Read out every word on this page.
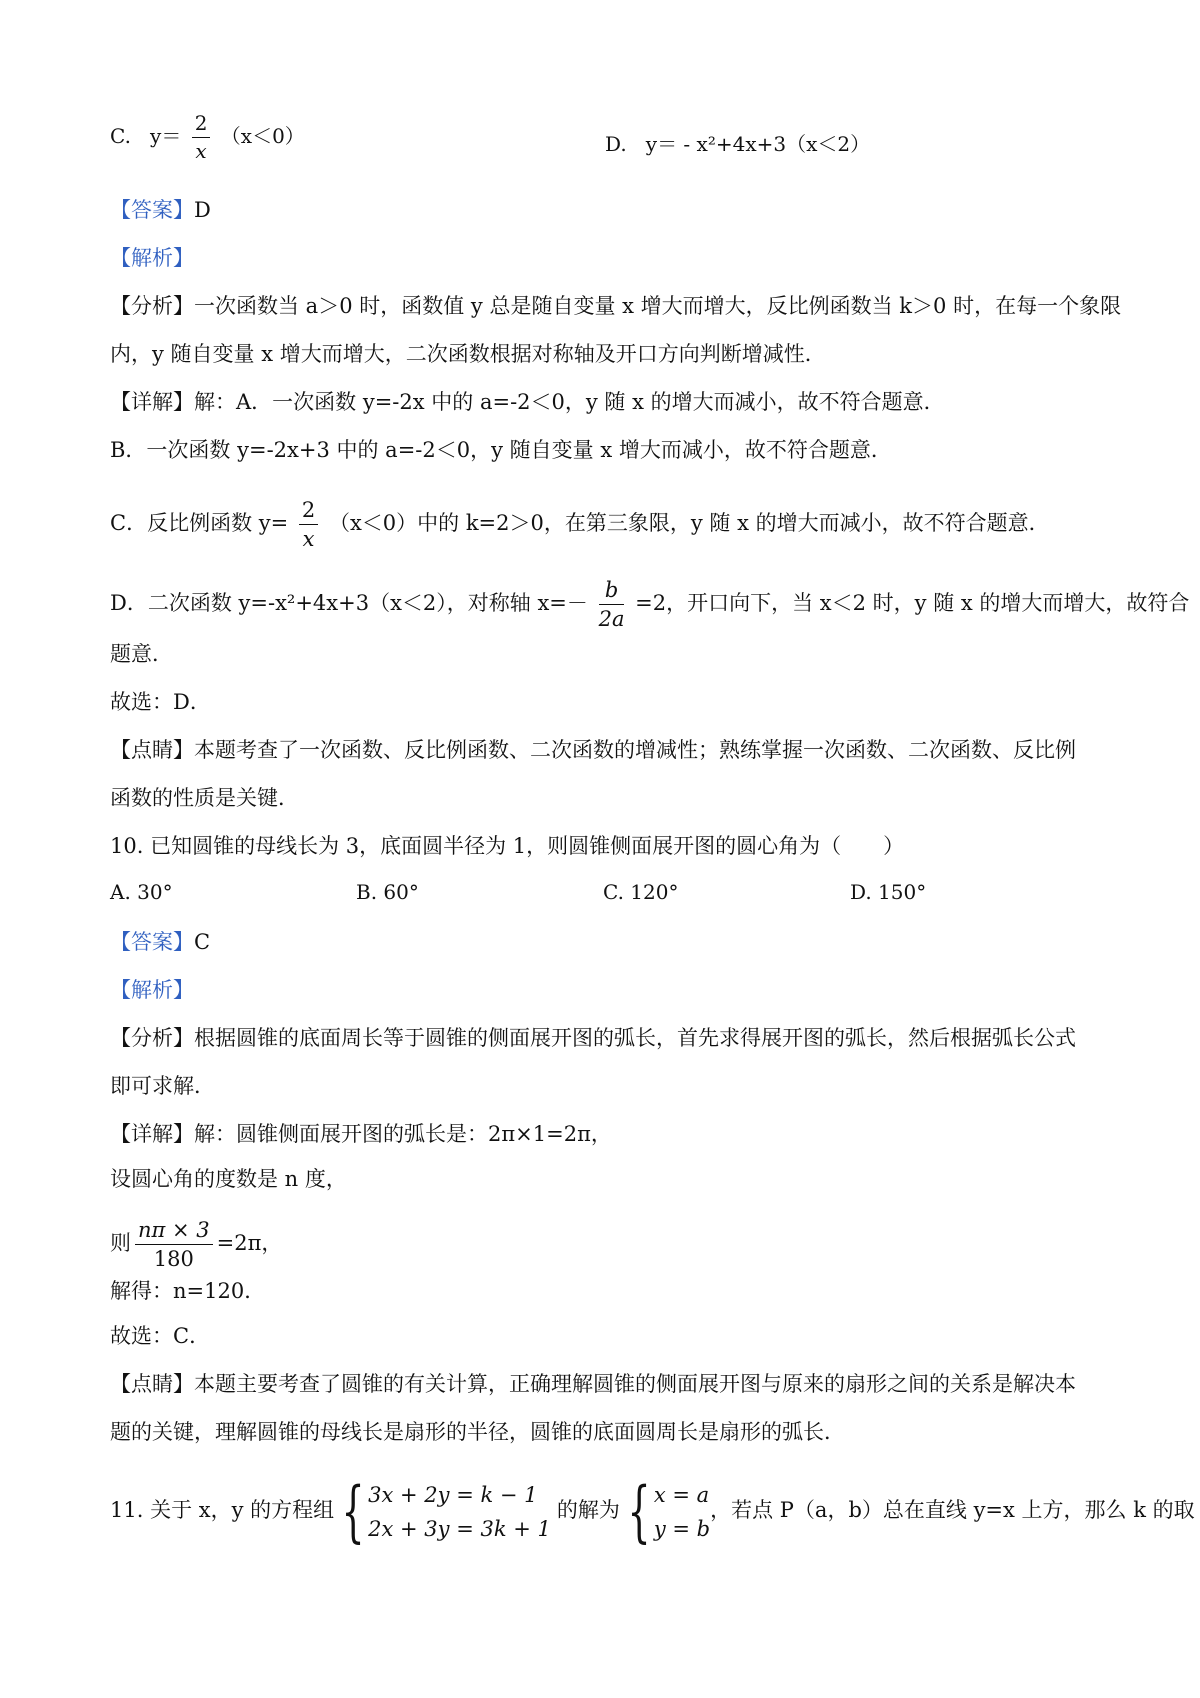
C. $y= \frac{2}{x} (x<0)$	D. y＝ - x²+4x+3（x＜2）
【答案】D
【解析】
【分析】一次函数当 a＞0 时，函数值 y 总是随自变量 x 增大而增大，反比例函数当 k＞0 时，在每一个象限
内，y 随自变量 x 增大而增大，二次函数根据对称轴及开口方向判断增减性．
【详解】解：A．一次函数 y=-2x 中的 a=-2＜0，y 随 x 的增大而减小，故不符合题意．
B．一次函数 y=-2x+3 中的 a=-2＜0，y 随自变量 x 增大而减小，故不符合题意．
C．反比例函数 $y= \frac{2}{x} (x<0)$中的 k=2＞0，在第三象限，y 随 x 的增大而减小，故不符合题意．
D．二次函数 y=-x²+4x+3（x＜2），对称轴 $x=- \frac{b}{2a} =2$，开口向下，当 x＜2 时，y 随 x 的增大而增大，故符合
题意．
故选：D．
【点睛】本题考查了一次函数、反比例函数、二次函数的增减性；熟练掌握一次函数、二次函数、反比例
函数的性质是关键．
10. 已知圆锥的母线长为 3，底面圆半径为 1，则圆锥侧面展开图的圆心角为（　　）
A. 30°	B. 60°	C. 120°	D. 150°
【答案】C
【解析】
【分析】根据圆锥的底面周长等于圆锥的侧面展开图的弧长，首先求得展开图的弧长，然后根据弧长公式
即可求解．
【详解】解：圆锥侧面展开图的弧长是：2π×1=2π，
设圆心角的度数是 n 度，
则 $\frac{n\pi \times 3}{180} =2\pi$，
解得：n=120．
故选：C．
【点睛】本题主要考查了圆锥的有关计算，正确理解圆锥的侧面展开图与原来的扇形之间的关系是解决本
题的关键，理解圆锥的母线长是扇形的半径，圆锥的底面圆周长是扇形的弧长．
11. 关于 x，y 的方程组 { 3x + 2y = k − 1
2x + 3y = 3k + 1
的解为 { x = a
y = b
，若点 P（a，b）总在直线 y=x 上方，那么 k 的取
